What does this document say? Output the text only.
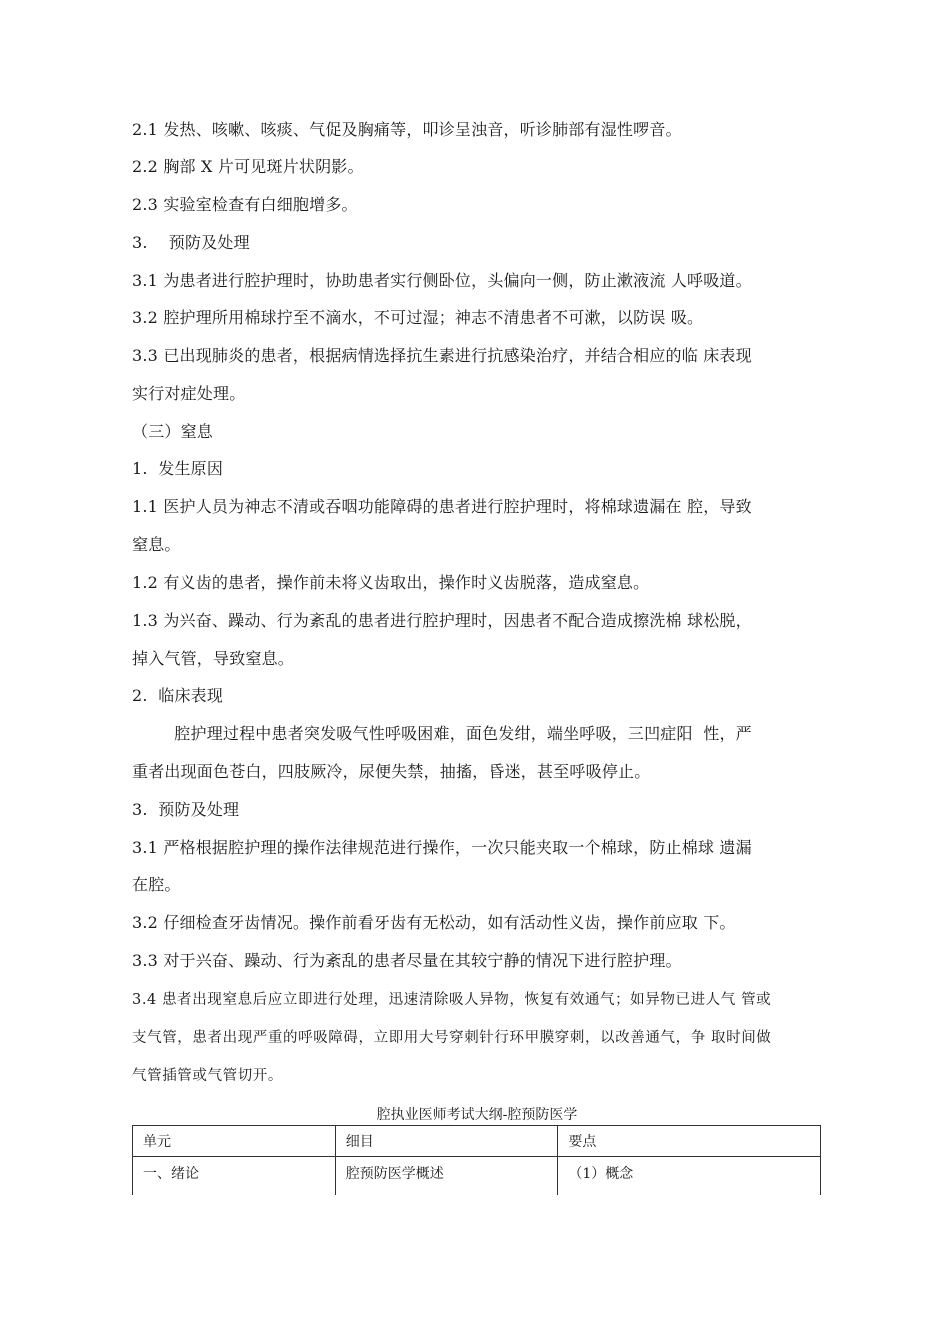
2.1 发热、咳嗽、咳痰、气促及胸痛等，叩诊呈浊音，听诊肺部有湿性啰音。
2.2 胸部 X 片可见斑片状阴影。
2.3 实验室检查有白细胞增多。
3.    预防及处理
3.1 为患者进行腔护理时，协助患者实行侧卧位，头偏向一侧，防止漱液流 人呼吸道。
3.2 腔护理所用棉球拧至不滴水，不可过湿；神志不清患者不可漱，以防误 吸。
3.3 已出现肺炎的患者，根据病情选择抗生素进行抗感染治疗，并结合相应的临 床表现
实行对症处理。
（三）窒息
1.  发生原因
1.1 医护人员为神志不清或吞咽功能障碍的患者进行腔护理时，将棉球遗漏在 腔，导致
窒息。
1.2 有义齿的患者，操作前未将义齿取出，操作时义齿脱落，造成窒息。
1.3 为兴奋、躁动、行为紊乱的患者进行腔护理时，因患者不配合造成擦洗棉 球松脱，
掉入气管，导致窒息。
2.  临床表现
腔护理过程中患者突发吸气性呼吸困难，面色发绀，端坐呼吸，三凹症阳  性，严
重者出现面色苍白，四肢厥冷，尿便失禁，抽搐，昏迷，甚至呼吸停止。
3.  预防及处理
3.1 严格根据腔护理的操作法律规范进行操作，一次只能夹取一个棉球，防止棉球 遗漏
在腔。
3.2 仔细检查牙齿情况。操作前看牙齿有无松动，如有活动性义齿，操作前应取 下。
3.3 对于兴奋、躁动、行为紊乱的患者尽量在其较宁静的情况下进行腔护理。
3.4 患者出现窒息后应立即进行处理，迅速清除吸人异物，恢复有效通气；如异物已进人气 管或
支气管，患者出现严重的呼吸障碍，立即用大号穿刺针行环甲膜穿刺，以改善通气，争 取时间做
气管插管或气管切开。
腔执业医师考试大纲-腔预防医学
单元	细目	要点
一、绪论	腔预防医学概述	（1）概念
